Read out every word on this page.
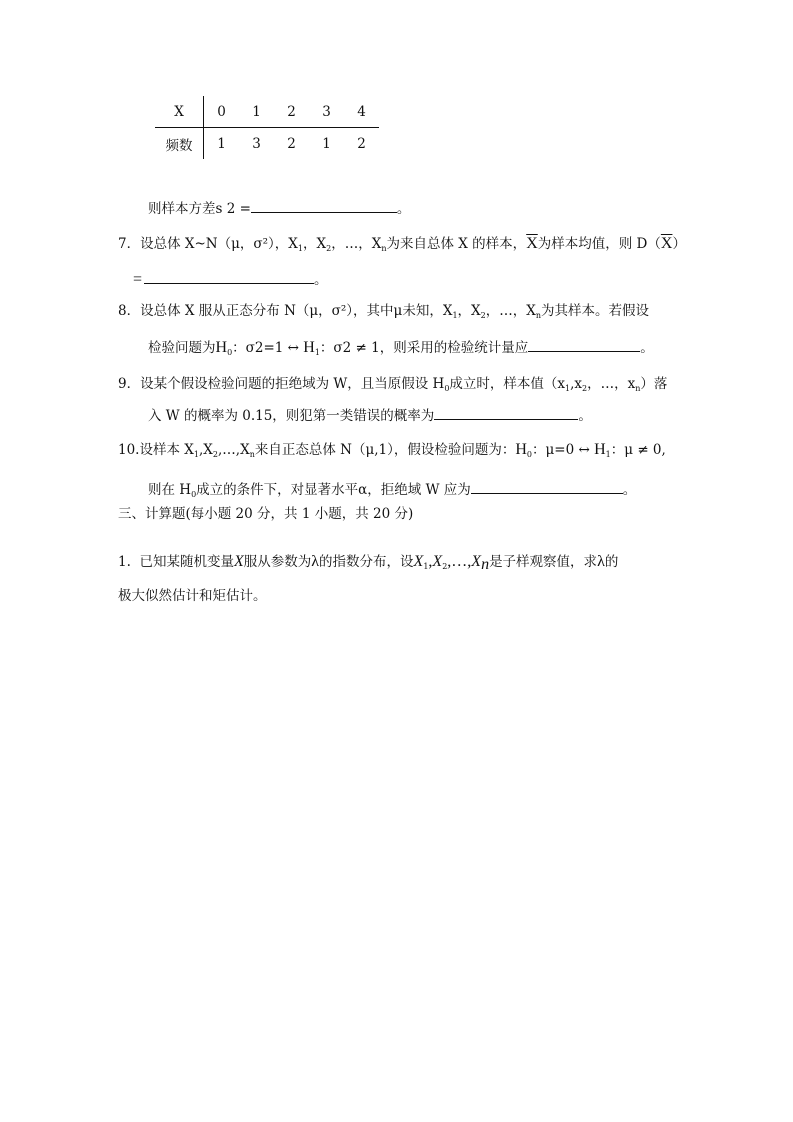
X	0	1	2	3	4
频数	1	3	2	1	2
则样本方差s 2 =	。
7．设总体 X~N（μ，σ²），$X_1$，$X_2$，…，$X_n$为来自总体 X 的样本，$\overline{X}$为样本均值，则 $D(\overline{X})$
=	。
8．设总体 X 服从正态分布 N（μ，σ²），其中μ未知，$X_1$，$X_2$，…，$X_n$为其样本。若假设
检验问题为$H_0$：σ2=1 ↔ $H_1$：σ2 ≠ 1，则采用的检验统计量应	。
9．设某个假设检验问题的拒绝域为 W，且当原假设 $H_0$成立时，样本值（$x_1,x_2$，…，$x_n$）落
入 W 的概率为 0.15，则犯第一类错误的概率为	。
10.设样本 $X_1,X_2,\dots,X_n$来自正态总体 N（μ,1），假设检验问题为：$H_0$：μ=0 ↔ $H_1$：μ ≠ 0,
则在 $H_0$成立的条件下，对显著水平α，拒绝域 W 应为	。
三、计算题(每小题 20 分，共 1 小题，共 20 分)
1. 已知某随机变量X服从参数为λ的指数分布，设$X_1,X_2,\dots,X_n$是子样观察值，求λ的
极大似然估计和矩估计。
